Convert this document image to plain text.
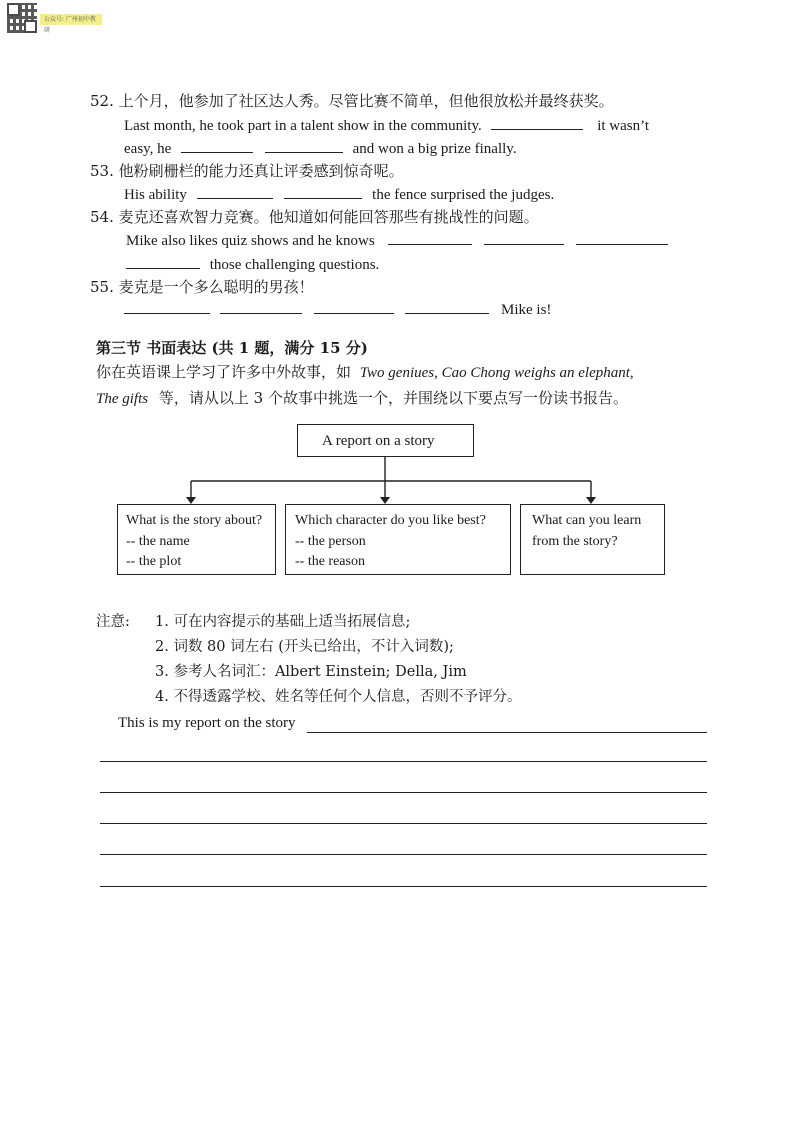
公众号: 广州初中教研
52. 上个月，他参加了社区达人秀。尽管比赛不简单，但他很放松并最终获奖。
Last month, he took part in a talent show in the community.	it wasn’t
easy, he	and won a big prize finally.
53. 他粉刷栅栏的能力还真让评委感到惊奇呢。
His ability	the fence surprised the judges.
54. 麦克还喜欢智力竞赛。他知道如何能回答那些有挑战性的问题。
Mike also likes quiz shows and he knows
those challenging questions.
55. 麦克是一个多么聪明的男孩！
Mike is!
第三节 书面表达 (共 1 题，满分 15 分)
你在英语课上学习了许多中外故事，如 Two geniues, Cao Chong weighs an elephant,
The gifts 等，请从以上 3 个故事中挑选一个，并围绕以下要点写一份读书报告。
A report on a story
What is the story about?
-- the name
-- the plot
Which character do you like best?
-- the person
-- the reason
What can you learn
from the story?
注意: 1. 可在内容提示的基础上适当拓展信息;
2. 词数 80 词左右 (开头已给出，不计入词数);
3. 参考人名词汇：Albert Einstein; Della, Jim
4. 不得透露学校、姓名等任何个人信息，否则不予评分。
This is my report on the story
